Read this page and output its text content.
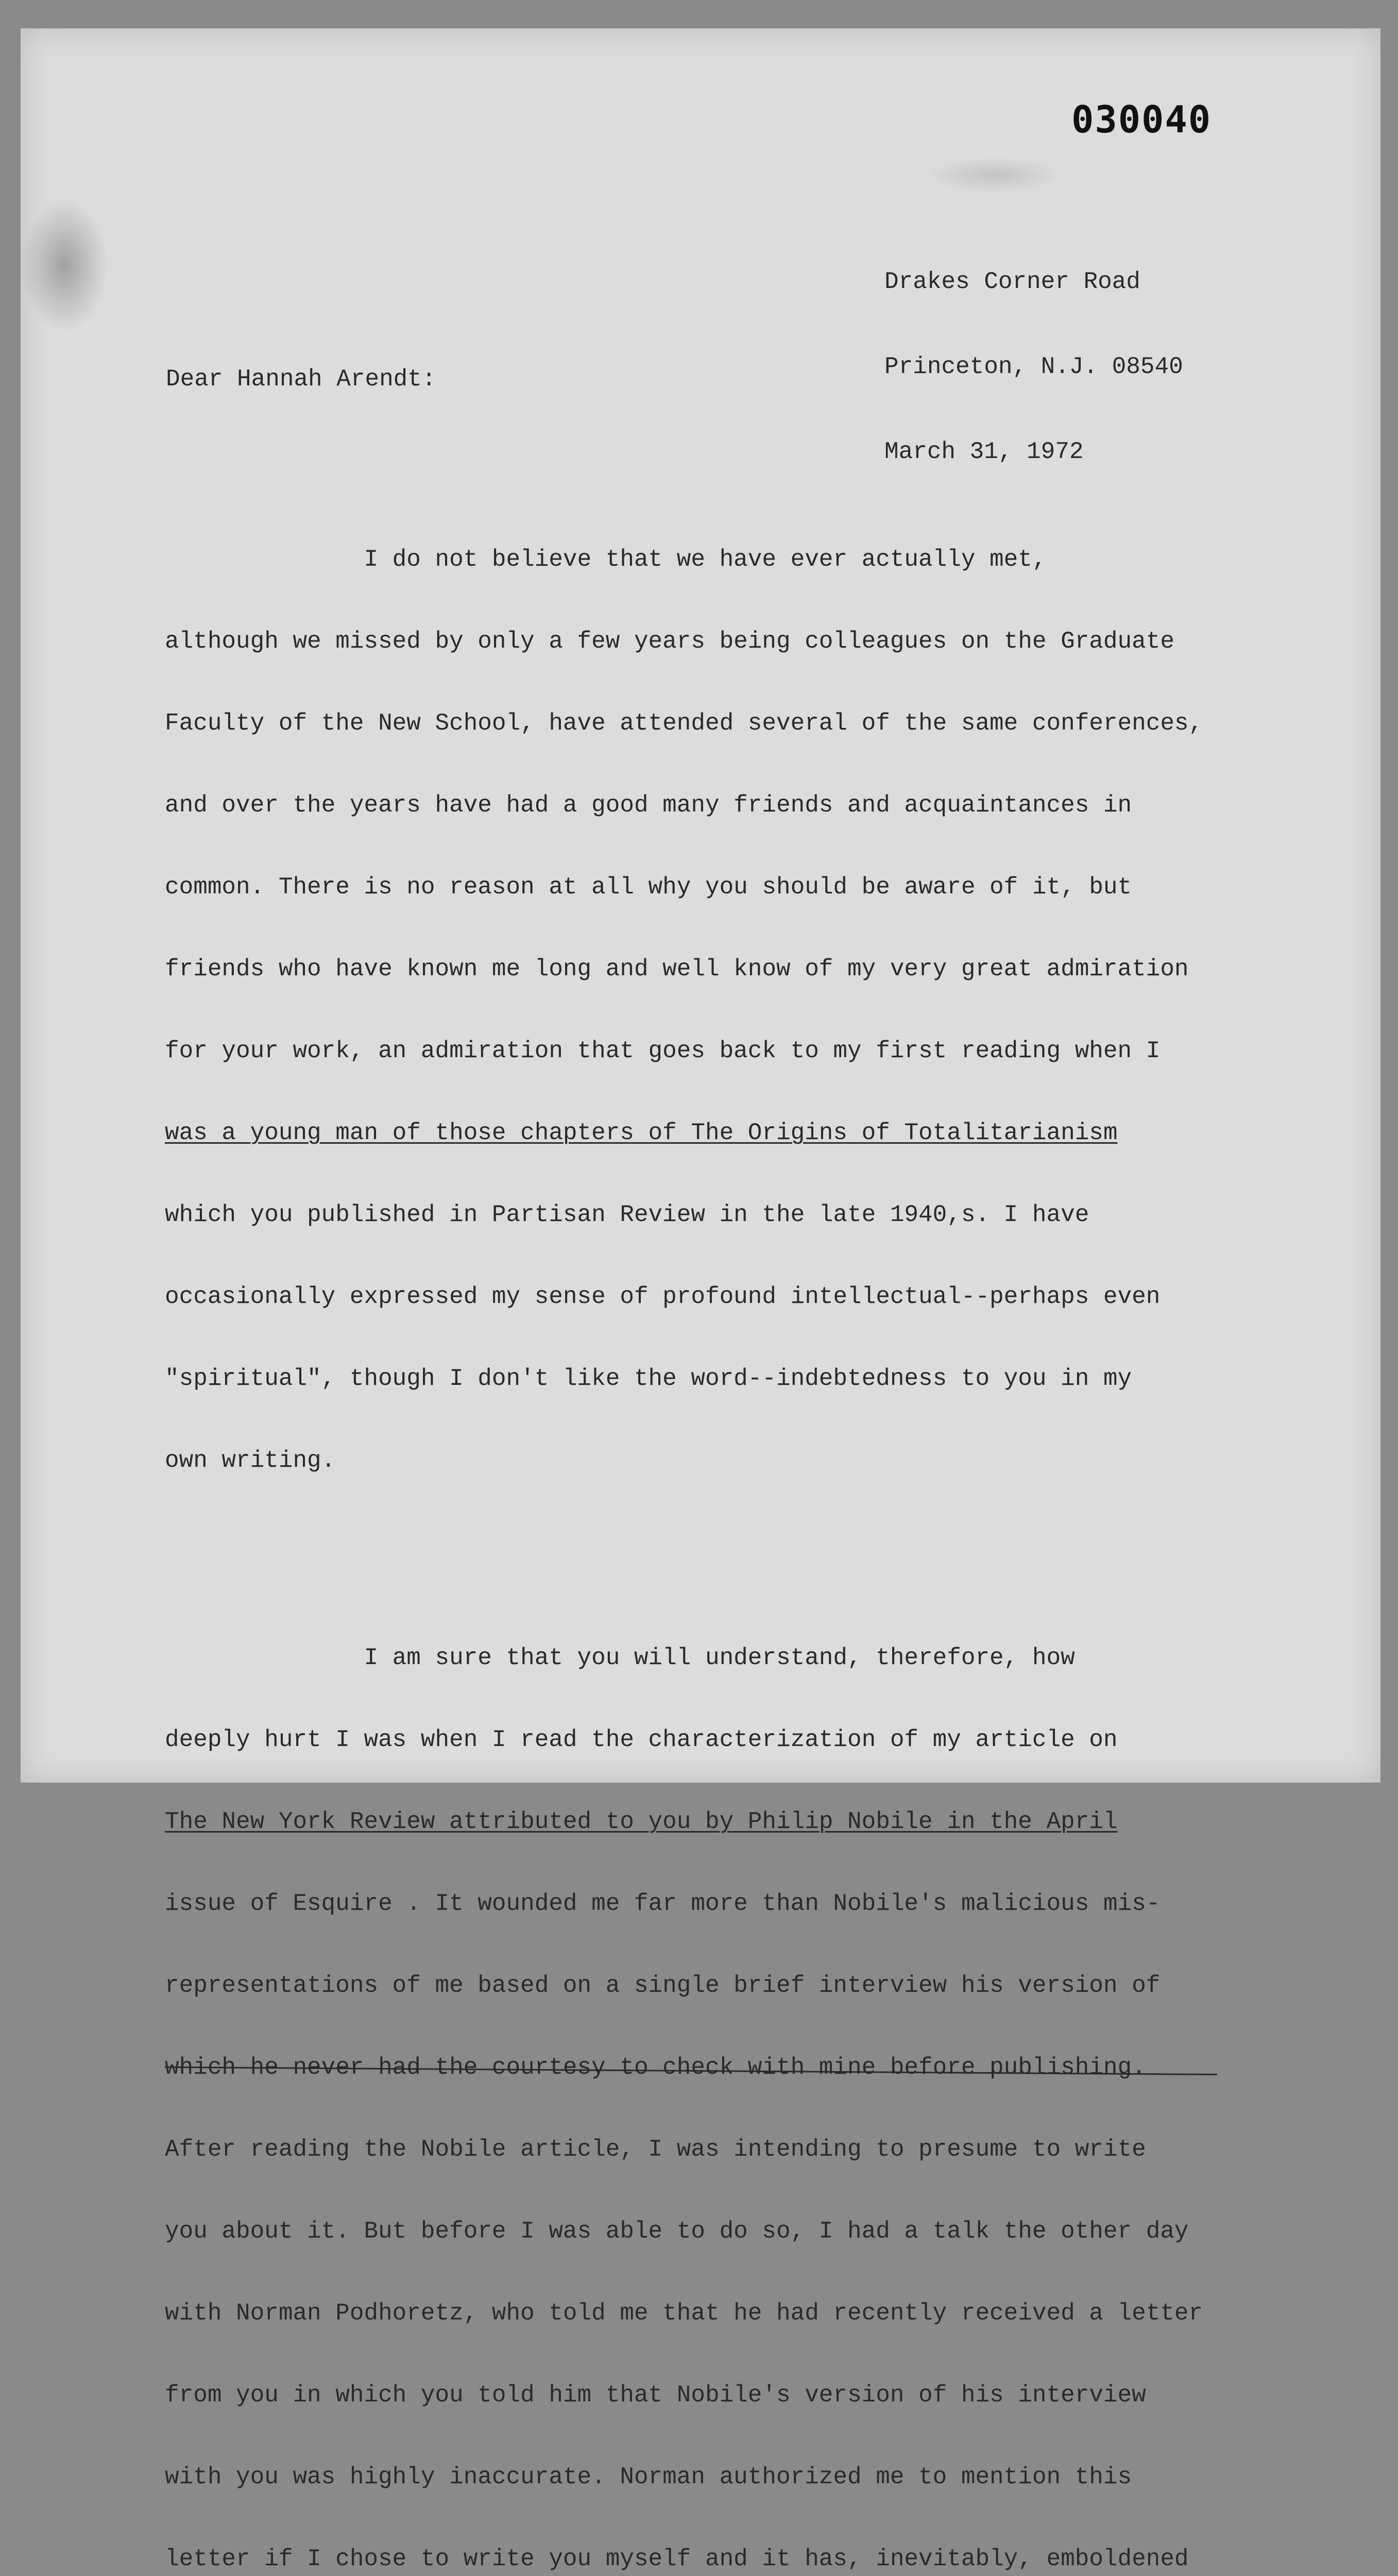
030040

Drakes Corner Road

Princeton, N.J. 08540

March 31, 1972

Dear Hannah Arendt:

I do not believe that we have ever actually met,

although we missed by only a few years being colleagues on the Graduate

Faculty of the New School, have attended several of the same conferences,

and over the years have had a good many friends and acquaintances in

common. There is no reason at all why you should be aware of it, but

friends who have known me long and well know of my very great admiration

for your work, an admiration that goes back to my first reading when I

was a young man of those chapters of The Origins of Totalitarianism

which you published in Partisan Review in the late 1940,s. I have

occasionally expressed my sense of profound intellectual--perhaps even

"spiritual", though I don't like the word--indebtedness to you in my

own writing.

I am sure that you will understand, therefore, how

deeply hurt I was when I read the characterization of my article on

The New York Review attributed to you by Philip Nobile in the April

issue of Esquire . It wounded me far more than Nobile's malicious mis-

representations of me based on a single brief interview his version of

which he never had the courtesy to check with mine before publishing.

After reading the Nobile article, I was intending to presume to write

you about it. But before I was able to do so, I had a talk the other day

with Norman Podhoretz, who told me that he had recently received a letter

from you in which you told him that Nobile's version of his interview

with you was highly inaccurate. Norman authorized me to mention this

letter if I chose to write you myself and it has, inevitably, emboldened
